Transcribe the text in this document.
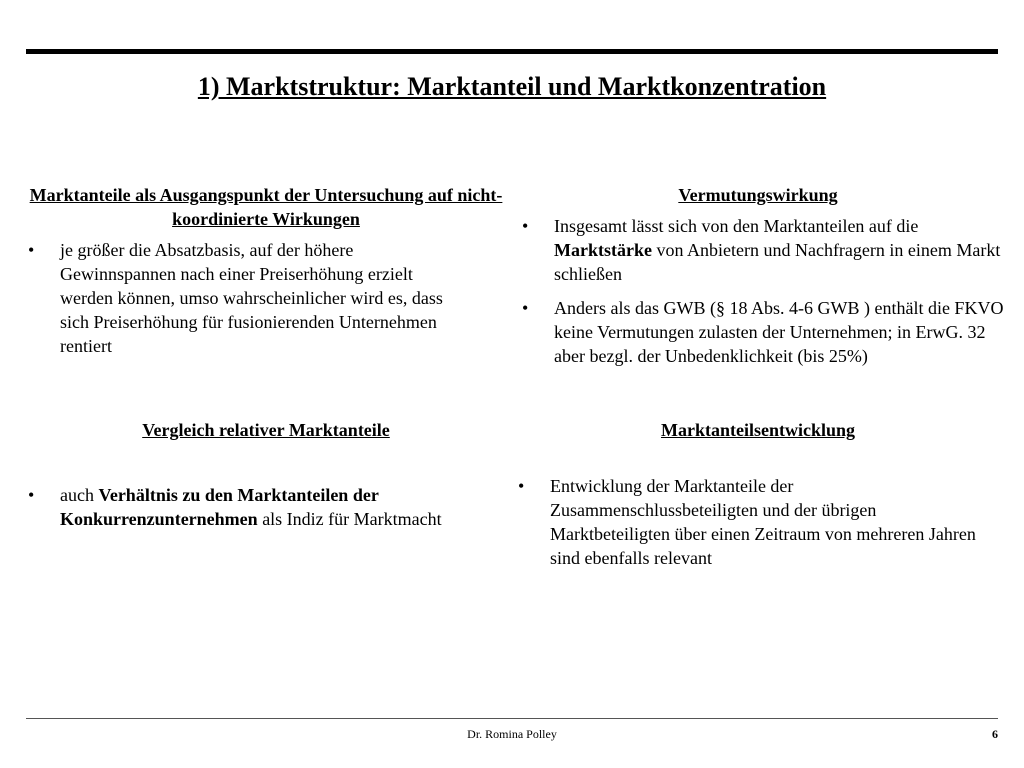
1) Marktstruktur: Marktanteil und Marktkonzentration
Marktanteile als Ausgangspunkt der Untersuchung auf nicht-koordinierte Wirkungen
• je größer die Absatzbasis, auf der höhere Gewinnspannen nach einer Preiserhöhung erzielt werden können, umso wahrscheinlicher wird es, dass sich Preiserhöhung für fusionierenden Unternehmen rentiert
Vermutungswirkung
• Insgesamt lässt sich von den Marktanteilen auf die Marktstärke von Anbietern und Nachfragern in einem Markt schließen
• Anders als das GWB (§ 18 Abs. 4-6 GWB ) enthält die FKVO keine Vermutungen zulasten der Unternehmen; in ErwG. 32 aber bezgl. der Unbedenklichkeit (bis 25%)
Vergleich relativer Marktanteile
• auch Verhältnis zu den Marktanteilen der Konkurrenzunternehmen als Indiz für Marktmacht
Marktanteilsentwicklung
• Entwicklung der Marktanteile der Zusammenschlussbeteiligten und der übrigen Marktbeteiligten über einen Zeitraum von mehreren Jahren sind ebenfalls relevant
Dr. Romina Polley	6
